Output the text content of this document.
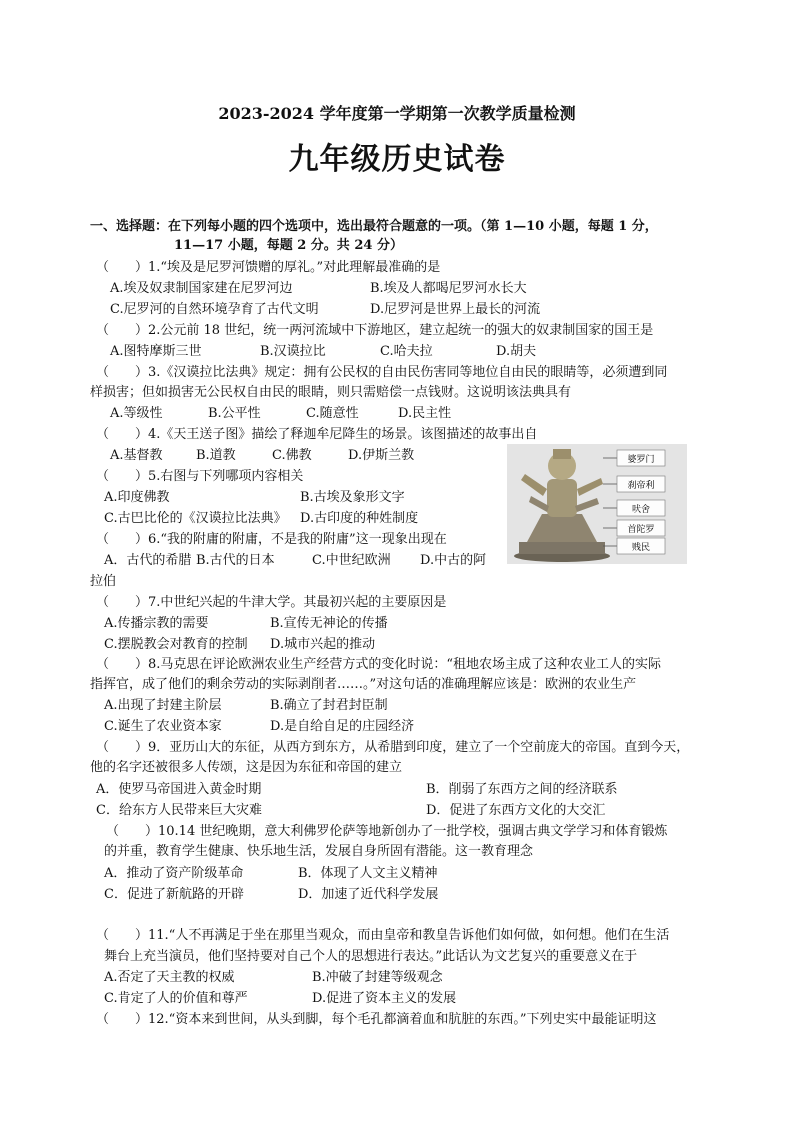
2023-2024 学年度第一学期第一次教学质量检测
九年级历史试卷
一、选择题：在下列每小题的四个选项中，选出最符合题意的一项。（第 1—10 小题，每题 1 分，
11—17 小题，每题 2 分。共 24 分）
（　　）1.“埃及是尼罗河馈赠的厚礼。”对此理解最准确的是
A.埃及奴隶制国家建在尼罗河边	B.埃及人都喝尼罗河水长大
C.尼罗河的自然环境孕育了古代文明	D.尼罗河是世界上最长的河流
（　　）2.公元前 18 世纪，统一两河流域中下游地区，建立起统一的强大的奴隶制国家的国王是
A.图特摩斯三世	B.汉谟拉比	C.哈夫拉	D.胡夫
（　　）3.《汉谟拉比法典》规定：拥有公民权的自由民伤害同等地位自由民的眼睛等，必须遭到同
样损害；但如损害无公民权自由民的眼睛，则只需赔偿一点钱财。这说明该法典具有
A.等级性	B.公平性	C.随意性	D.民主性
（　　）4.《天王送子图》描绘了释迦牟尼降生的场景。该图描述的故事出自
A.基督教	B.道教	C.佛教	D.伊斯兰教	婆罗门
刹帝利
吠舍
首陀罗
贱民
（　　）5.右图与下列哪项内容相关
A.印度佛教	B.古埃及象形文字
C.古巴比伦的《汉谟拉比法典》 D.古印度的种姓制度
（　　）6.“我的附庸的附庸，不是我的附庸”这一现象出现在
A．古代的希腊 B.古代的日本	C.中世纪欧洲 D.中古的阿
拉伯
（　　）7.中世纪兴起的牛津大学。其最初兴起的主要原因是
A.传播宗教的需要	B.宣传无神论的传播
C.摆脱教会对教育的控制 D.城市兴起的推动
（　　）8.马克思在评论欧洲农业生产经营方式的变化时说：“租地农场主成了这种农业工人的实际
指挥官，成了他们的剩余劳动的实际剥削者……。”对这句话的准确理解应该是：欧洲的农业生产
A.出现了封建主阶层	B.确立了封君封臣制
C.诞生了农业资本家	D.是自给自足的庄园经济
（　　）9．亚历山大的东征，从西方到东方，从希腊到印度，建立了一个空前庞大的帝国。直到今天，
他的名字还被很多人传颂，这是因为东征和帝国的建立
A．使罗马帝国进入黄金时期	B．削弱了东西方之间的经济联系
C．给东方人民带来巨大灾难	D．促进了东西方文化的大交汇
（　　）10.14 世纪晚期，意大利佛罗伦萨等地新创办了一批学校，强调古典文学学习和体育锻炼
的并重，教育学生健康、快乐地生活，发展自身所固有潜能。这一教育理念
A．推动了资产阶级革命	B．体现了人文主义精神
C．促进了新航路的开辟	D．加速了近代科学发展
（　　）11.“人不再满足于坐在那里当观众，而由皇帝和教皇告诉他们如何做，如何想。他们在生活
舞台上充当演员，他们坚持要对自己个人的思想进行表达。”此话认为文艺复兴的重要意义在于
A.否定了天主教的权威	B.冲破了封建等级观念
C.肯定了人的价值和尊严	D.促进了资本主义的发展
（　　）12.“资本来到世间，从头到脚，每个毛孔都滴着血和肮脏的东西。”下列史实中最能证明这
